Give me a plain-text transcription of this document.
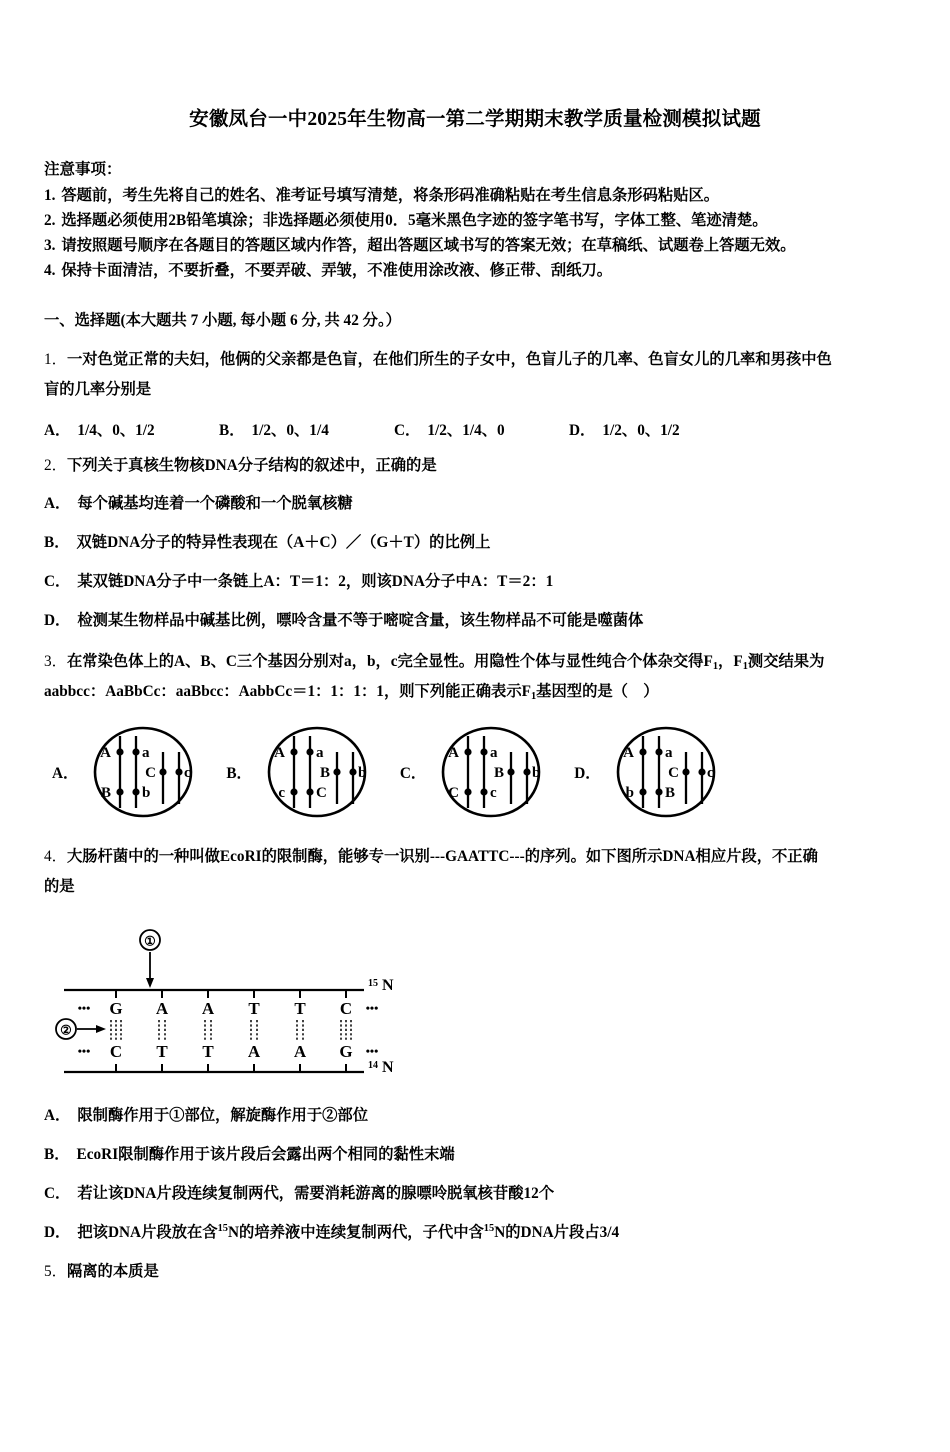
安徽凤台一中2025年生物高一第二学期期末教学质量检测模拟试题
注意事项：
1. 答题前，考生先将自己的姓名、准考证号填写清楚，将条形码准确粘贴在考生信息条形码粘贴区。
2. 选择题必须使用2B铅笔填涂；非选择题必须使用0．5毫米黑色字迹的签字笔书写，字体工整、笔迹清楚。
3. 请按照题号顺序在各题目的答题区域内作答，超出答题区域书写的答案无效；在草稿纸、试题卷上答题无效。
4. 保持卡面清洁，不要折叠，不要弄破、弄皱，不准使用涂改液、修正带、刮纸刀。
一、选择题(本大题共 7 小题, 每小题 6 分, 共 42 分。）
1．一对色觉正常的夫妇，他俩的父亲都是色盲，在他们所生的子女中，色盲儿子的几率、色盲女儿的几率和男孩中色
盲的几率分别是
A． 1/4、0、1/2	B． 1/2、0、1/4	C． 1/2、1/4、0	D． 1/2、0、1/2
2．下列关于真核生物核DNA分子结构的叙述中，正确的是
A． 每个碱基均连着一个磷酸和一个脱氧核糖
B． 双链DNA分子的特异性表现在（A＋C）／（G＋T）的比例上
C． 某双链DNA分子中一条链上A：T＝1：2，则该DNA分子中A：T＝2：1
D． 检测某生物样品中碱基比例，嘌呤含量不等于嘧啶含量，该生物样品不可能是噬菌体
3．在常染色体上的A、B、C三个基因分别对a，b，c完全显性。用隐性个体与显性纯合个体杂交得$F_1$，$F_1$测交结果为
aabbcc：AaBbCc：aaBbcc：AabbCc＝1：1：1：1，则下列能正确表示$F_1$基因型的是（　）
A．
A a
B b
C c B．
A a
c C
B b C．
A a
C c
B b D．
A a
b B
C c
4．大肠杆菌中的一种叫做EcoRI的限制酶，能够专一识别---GAATTC---的序列。如下图所示DNA相应片段，不正确
的是
①
15 N
••• G A A T T C •••
②
••• C T T A A G •••
14 N
A． 限制酶作用于①部位，解旋酶作用于②部位
B． EcoRI限制酶作用于该片段后会露出两个相同的黏性末端
C． 若让该DNA片段连续复制两代，需要消耗游离的腺嘌呤脱氧核苷酸12个
D． 把该DNA片段放在含$^{15}$N的培养液中连续复制两代，子代中含$^{15}$N的DNA片段占3/4
5．隔离的本质是
